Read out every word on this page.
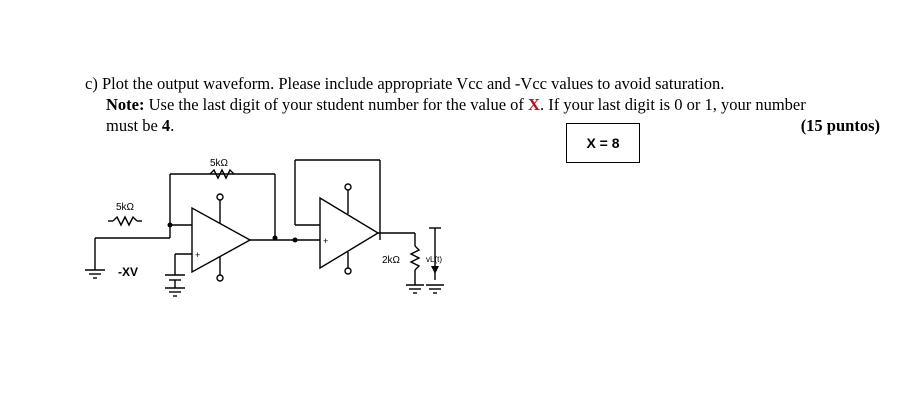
c) Plot the output waveform. Please include appropriate Vcc and -Vcc values to avoid saturation.
Note: Use the last digit of your student number for the value of X. If your last digit is 0 or 1, your number
must be 4.	(15 puntos)
X = 8
5kΩ
5kΩ
2kΩ
-XV
vL(t)
+
+
